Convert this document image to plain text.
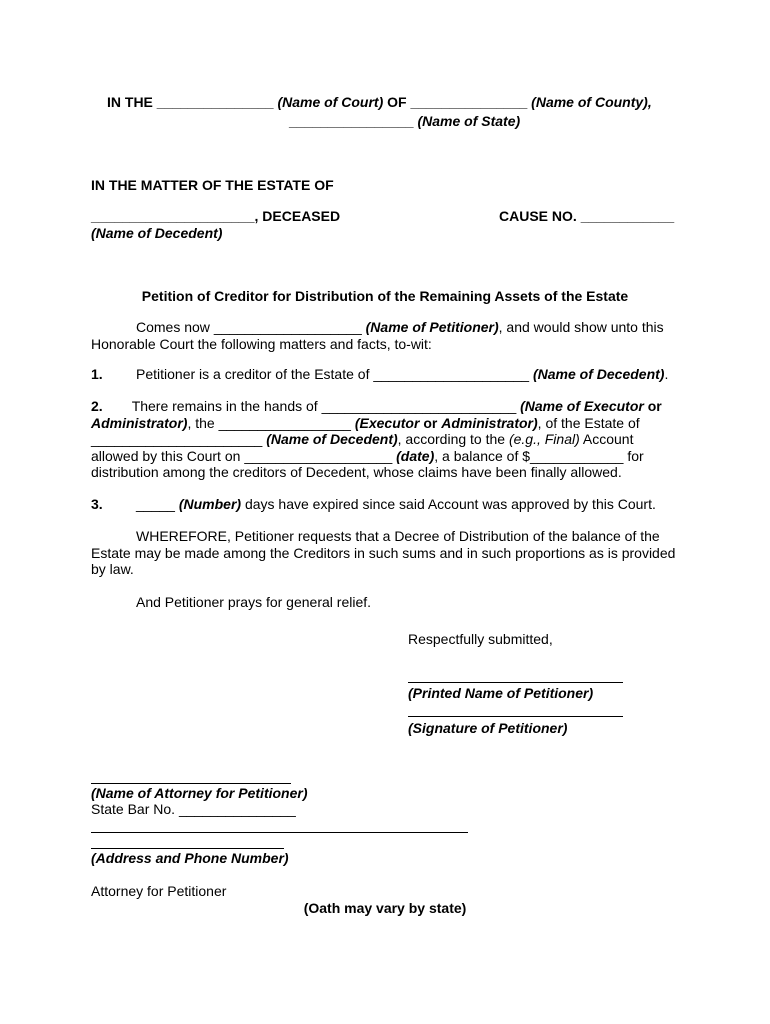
IN THE _______________ (Name of Court) OF _______________ (Name of County),
________________ (Name of State)
IN THE MATTER OF THE ESTATE OF
_____________________, DECEASED	CAUSE NO. ____________
(Name of Decedent)
Petition of Creditor for Distribution of the Remaining Assets of the Estate
Comes now ___________________ (Name of Petitioner), and would show unto this Honorable Court the following matters and facts, to-wit:
1. Petitioner is a creditor of the Estate of ____________________ (Name of Decedent).
2. There remains in the hands of _________________________ (Name of Executor or Administrator), the _________________ (Executor or Administrator), of the Estate of ______________________ (Name of Decedent), according to the (e.g., Final) Account allowed by this Court on ___________________ (date), a balance of $____________ for distribution among the creditors of Decedent, whose claims have been finally allowed.
3. _____ (Number) days have expired since said Account was approved by this Court.
WHEREFORE, Petitioner requests that a Decree of Distribution of the balance of the Estate may be made among the Creditors in such sums and in such proportions as is provided by law.
And Petitioner prays for general relief.
Respectfully submitted,
(Printed Name of Petitioner)
(Signature of Petitioner)
(Name of Attorney for Petitioner)
State Bar No. _______________
(Address and Phone Number)
Attorney for Petitioner
(Oath may vary by state)
